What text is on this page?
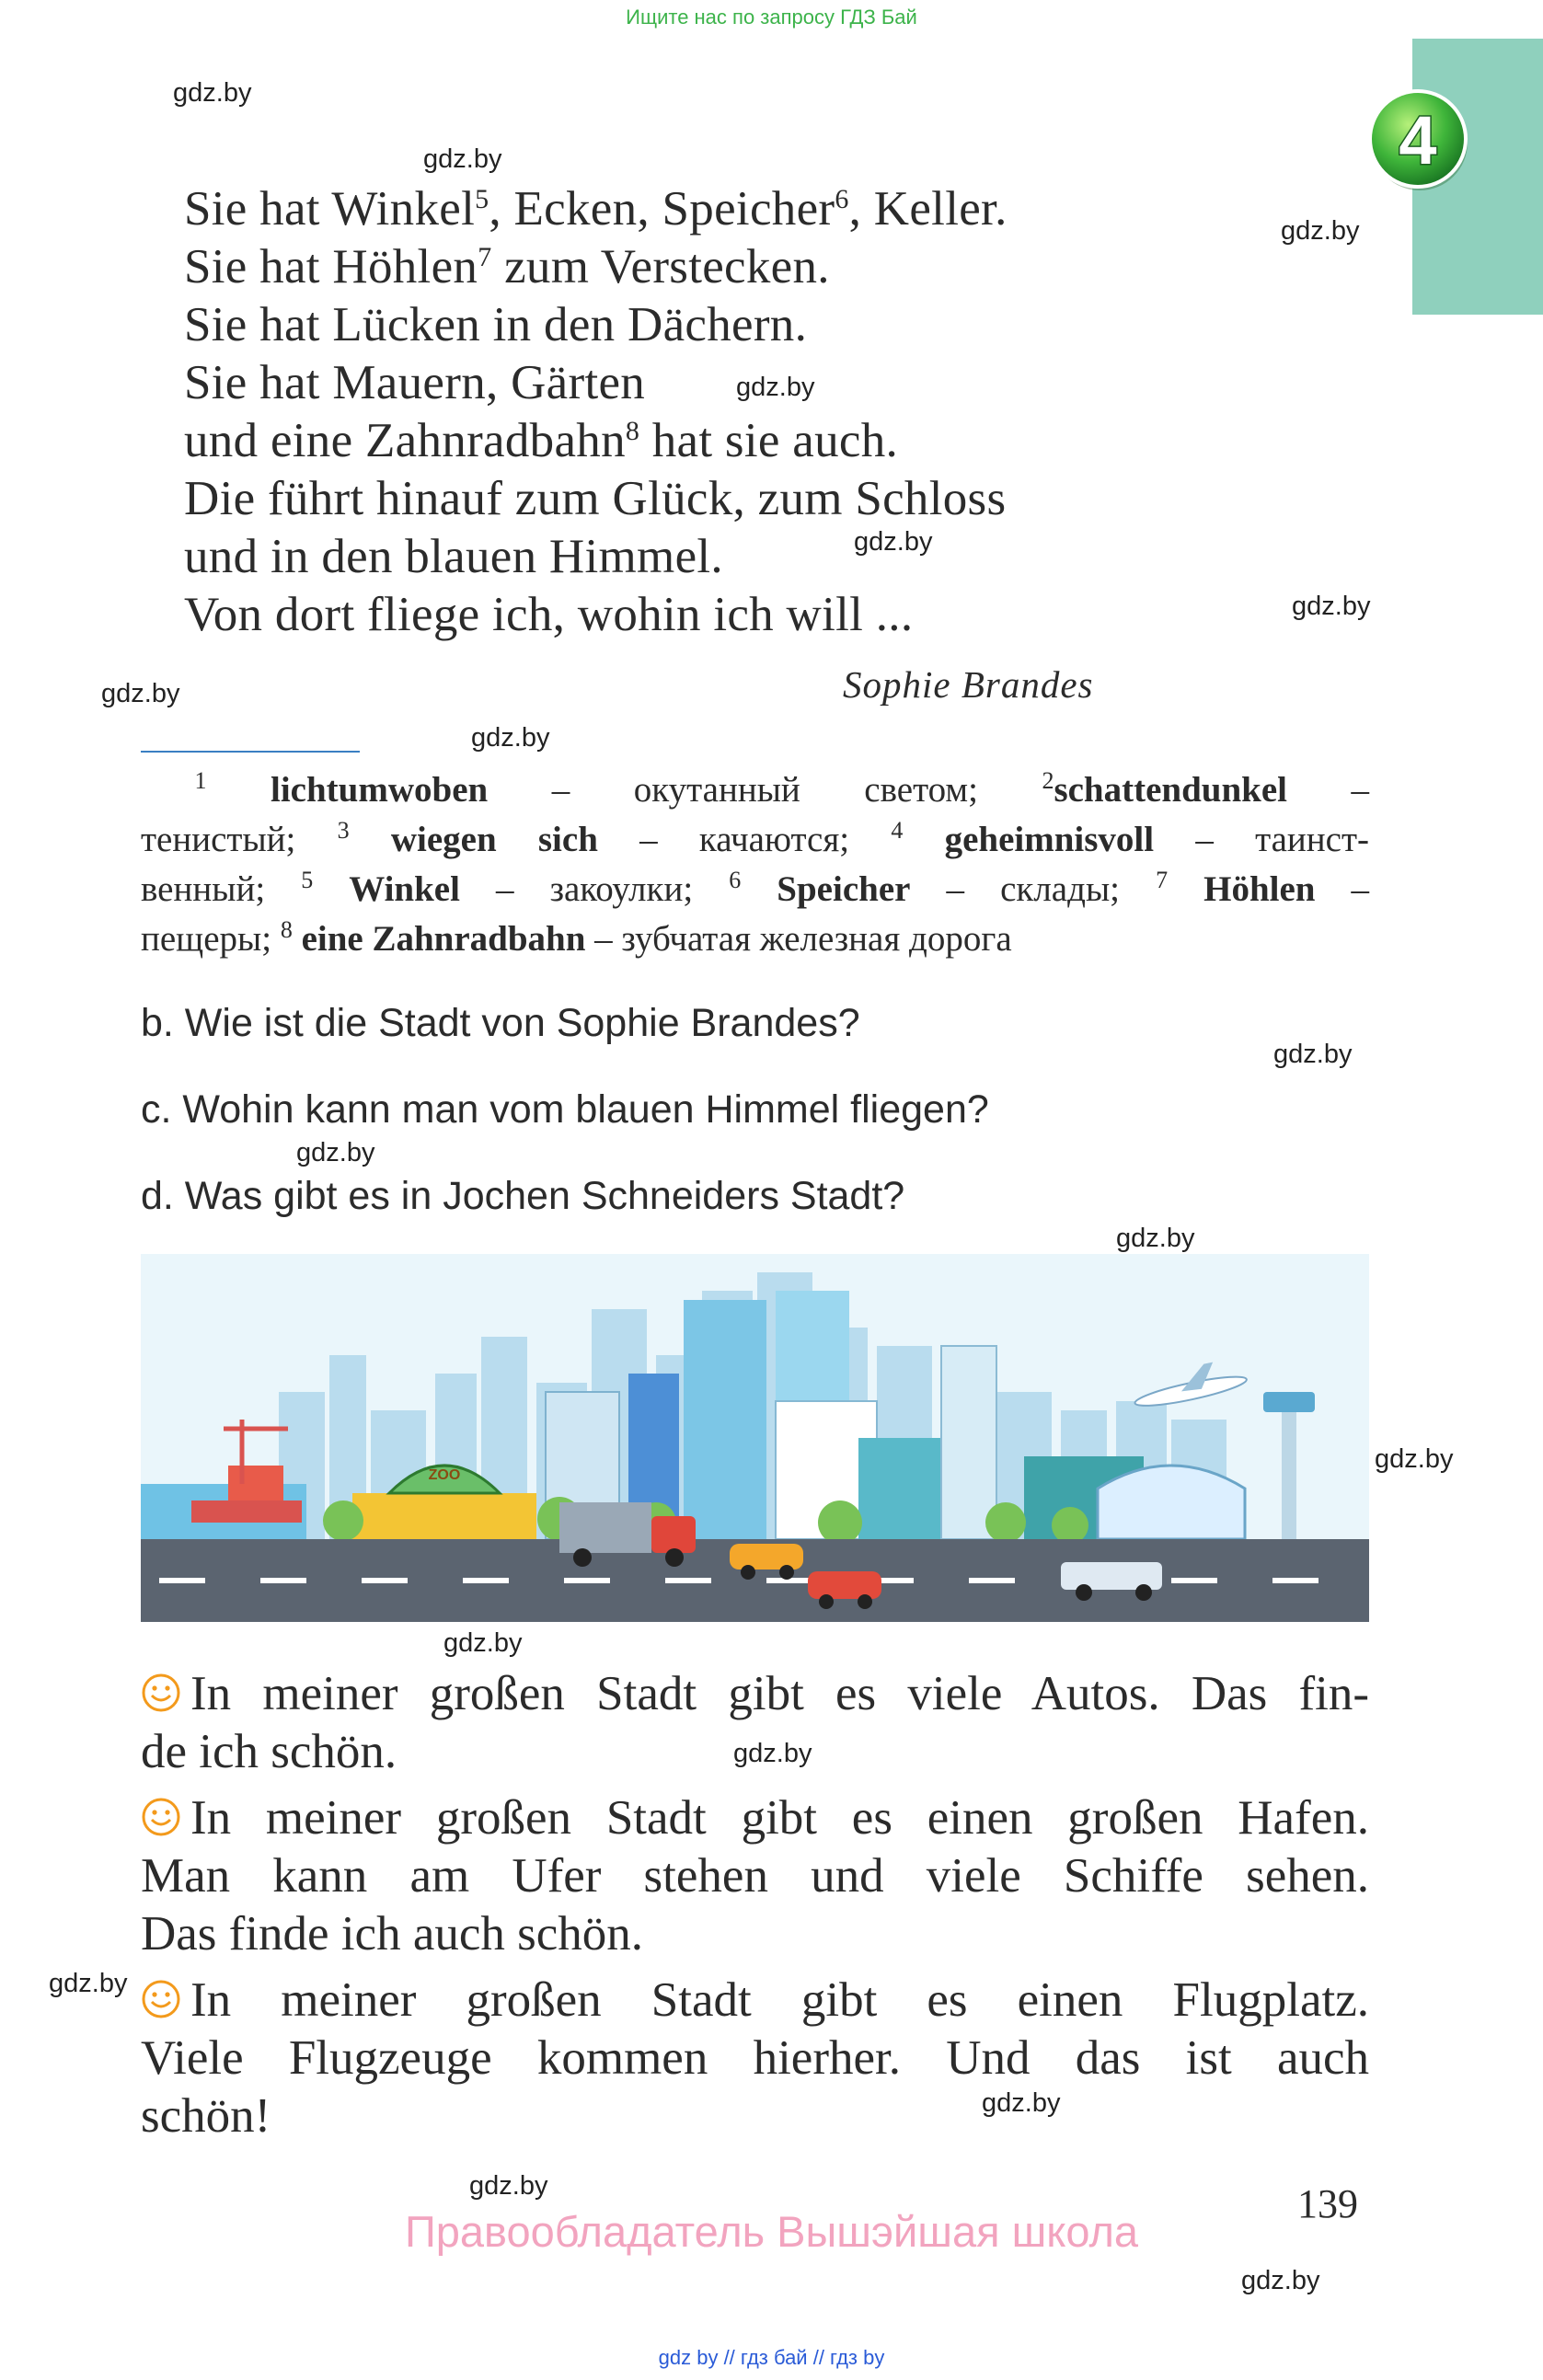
Ищите нас по запросу ГДЗ Бай
4
gdz.by
gdz.by
gdz.by
gdz.by
gdz.by
gdz.by
gdz.by
gdz.by
gdz.by
gdz.by
gdz.by
gdz.by
gdz.by
gdz.by
gdz.by
gdz.by
gdz.by
gdz.by
Sie hat Winkel$^5$, Ecken, Speicher$^6$, Keller.
Sie hat Höhlen$^7$ zum Verstecken.
Sie hat Lücken in den Dächern.
Sie hat Mauern, Gärten
und eine Zahnradbahn$^8$ hat sie auch.
Die führt hinauf zum Glück, zum Schloss
und in den blauen Himmel.
Von dort fliege ich, wohin ich will ...
Sophie Brandes
  $^1$ lichtumwoben – окутанный светом;	$^2$schattendunkel –
тенистый; $^3$ wiegen sich – качаются; $^4$ geheimnisvoll – таинст-
венный; $^5$ Winkel – закоулки; $^6$ Speicher – склады; $^7$ Höhlen –
пещеры; $^8$ eine Zahnradbahn – зубчатая железная дорога
b. Wie ist die Stadt von Sophie Brandes?
c. Wohin kann man vom blauen Himmel fliegen?
d. Was gibt es in Jochen Schneiders Stadt?
ZOO
In meiner großen Stadt gibt es viele Autos. Das fin-
de ich schön.
In meiner großen Stadt gibt es einen großen Hafen.
Man kann am Ufer stehen und viele Schiffe sehen.
Das finde ich auch schön.
In meiner großen Stadt gibt es einen Flugplatz.
Viele Flugzeuge kommen hierher. Und das ist auch
schön!
139
Правообладатель Вышэйшая школа
gdz by // гдз бай // гдз by
